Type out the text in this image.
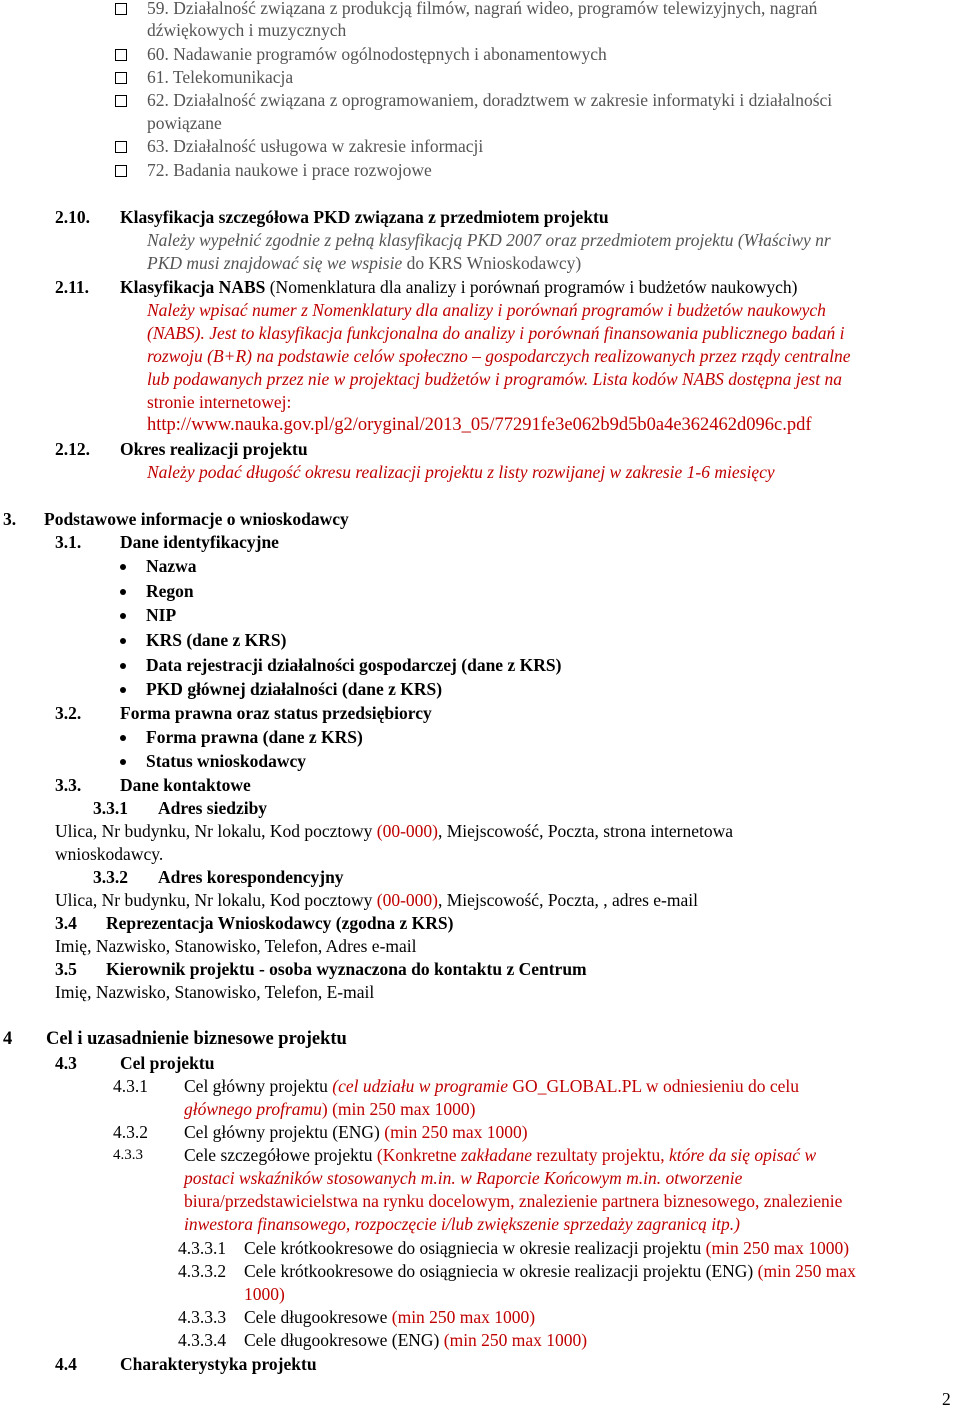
59. Działalność związana z produkcją filmów, nagrań wideo, programów telewizyjnych, nagrań
dźwiękowych i muzycznych
60. Nadawanie programów ogólnodostępnych i abonamentowych
61. Telekomunikacja
62. Działalność związana z oprogramowaniem, doradztwem w zakresie informatyki i działalności
powiązane
63. Działalność usługowa w zakresie informacji
72. Badania naukowe i prace rozwojowe
2.10. Klasyfikacja szczegółowa PKD związana z przedmiotem projektu
Należy wypełnić zgodnie z pełną klasyfikacją PKD 2007 oraz przedmiotem projektu (Właściwy nr
PKD musi znajdować się we wspisie do KRS Wnioskodawcy)
2.11. Klasyfikacja NABS (Nomenklatura dla analizy i porównań programów i budżetów naukowych)
Należy wpisać numer z Nomenklatury dla analizy i porównań programów i budżetów naukowych
(NABS). Jest to klasyfikacja funkcjonalna do analizy i porównań finansowania publicznego badań i
rozwoju (B+R) na podstawie celów społeczno – gospodarczych realizowanych przez rządy centralne
lub podawanych przez nie w projektacj budżetów i programów. Lista kodów NABS dostępna jest na
stronie internetowej:
http://www.nauka.gov.pl/g2/oryginal/2013_05/77291fe3e062b9d5b0a4e362462d096c.pdf
2.12. Okres realizacji projektu
Należy podać długość okresu realizacji projektu z listy rozwijanej w zakresie 1-6 miesięcy
3. Podstawowe informacje o wnioskodawcy
3.1. Dane identyfikacyjne
Nazwa
Regon
NIP
KRS (dane z KRS)
Data rejestracji działalności gospodarczej (dane z KRS)
PKD głównej działalności (dane z KRS)
3.2. Forma prawna oraz status przedsiębiorcy
Forma prawna (dane z KRS)
Status wnioskodawcy
3.3. Dane kontaktowe
3.3.1 Adres siedziby
Ulica, Nr budynku, Nr lokalu, Kod pocztowy (00-000), Miejscowość, Poczta, strona internetowa
wnioskodawcy.
3.3.2 Adres korespondencyjny
Ulica, Nr budynku, Nr lokalu, Kod pocztowy (00-000), Miejscowość, Poczta, , adres e-mail
3.4 Reprezentacja Wnioskodawcy (zgodna z KRS)
Imię, Nazwisko, Stanowisko, Telefon, Adres e-mail
3.5 Kierownik projektu - osoba wyznaczona do kontaktu z Centrum
Imię, Nazwisko, Stanowisko, Telefon, E-mail
4 Cel i uzasadnienie biznesowe projektu
4.3 Cel projektu
4.3.1 Cel główny projektu (cel udziału w programie GO_GLOBAL.PL w odniesieniu do celu
głównego proframu) (min 250 max 1000)
4.3.2 Cel główny projektu (ENG) (min 250 max 1000)
4.3.3 Cele szczegółowe projektu (Konkretne zakładane rezultaty projektu, które da się opisać w
postaci wskaźników stosowanych m.in. w Raporcie Końcowym m.in. otworzenie
biura/przedstawicielstwa na rynku docelowym, znalezienie partnera biznesowego, znalezienie
inwestora finansowego, rozpoczęcie i/lub zwiększenie sprzedaży zagranicą itp.)
4.3.3.1 Cele krótkookresowe do osiągniecia w okresie realizacji projektu (min 250 max 1000)
4.3.3.2 Cele krótkookresowe do osiągniecia w okresie realizacji projektu (ENG) (min 250 max
1000)
4.3.3.3 Cele długookresowe (min 250 max 1000)
4.3.3.4 Cele długookresowe (ENG) (min 250 max 1000)
4.4 Charakterystyka projektu
2
